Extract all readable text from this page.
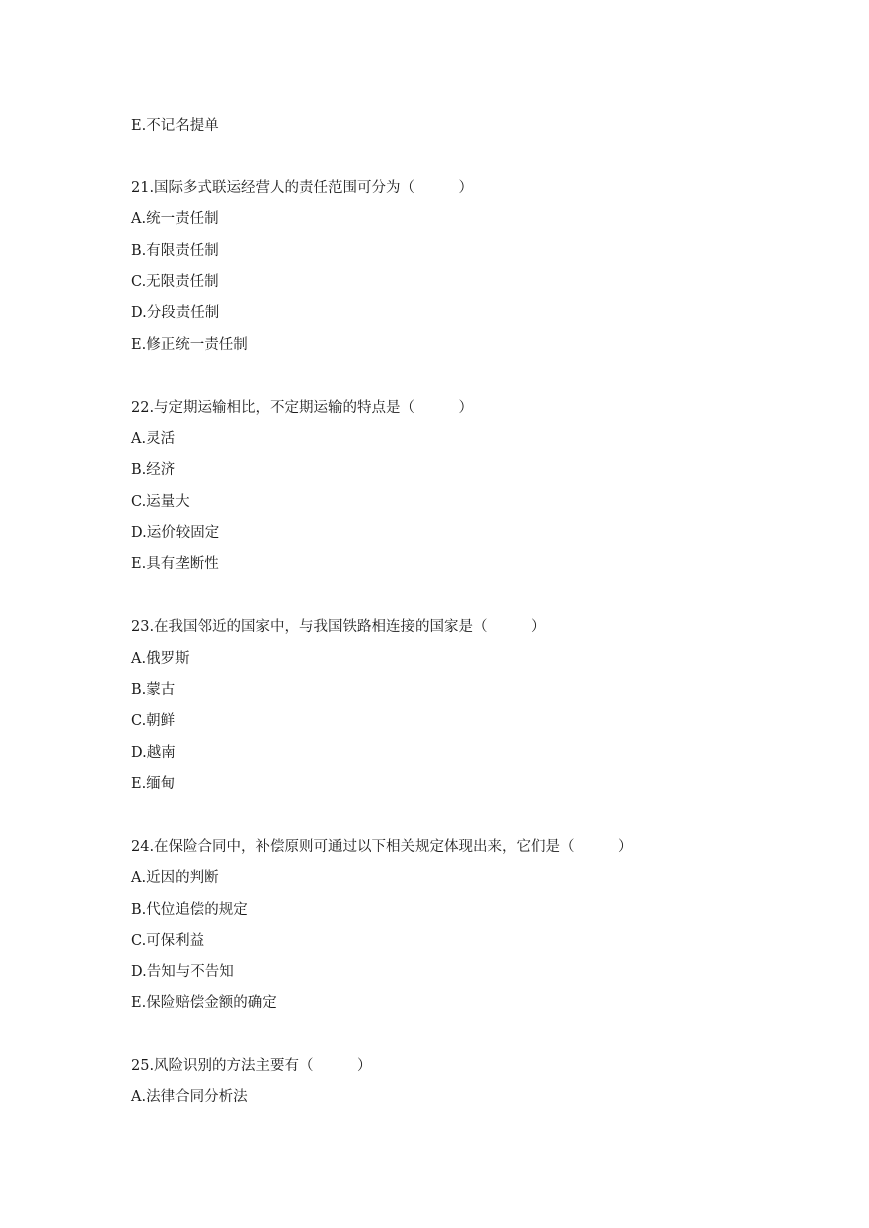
E.不记名提单
21.国际多式联运经营人的责任范围可分为（　　　）
A.统一责任制
B.有限责任制
C.无限责任制
D.分段责任制
E.修正统一责任制
22.与定期运输相比，不定期运输的特点是（　　　）
A.灵活
B.经济
C.运量大
D.运价较固定
E.具有垄断性
23.在我国邻近的国家中，与我国铁路相连接的国家是（　　　）
A.俄罗斯
B.蒙古
C.朝鲜
D.越南
E.缅甸
24.在保险合同中，补偿原则可通过以下相关规定体现出来，它们是（　　　）
A.近因的判断
B.代位追偿的规定
C.可保利益
D.告知与不告知
E.保险赔偿金额的确定
25.风险识别的方法主要有（　　　）
A.法律合同分析法
